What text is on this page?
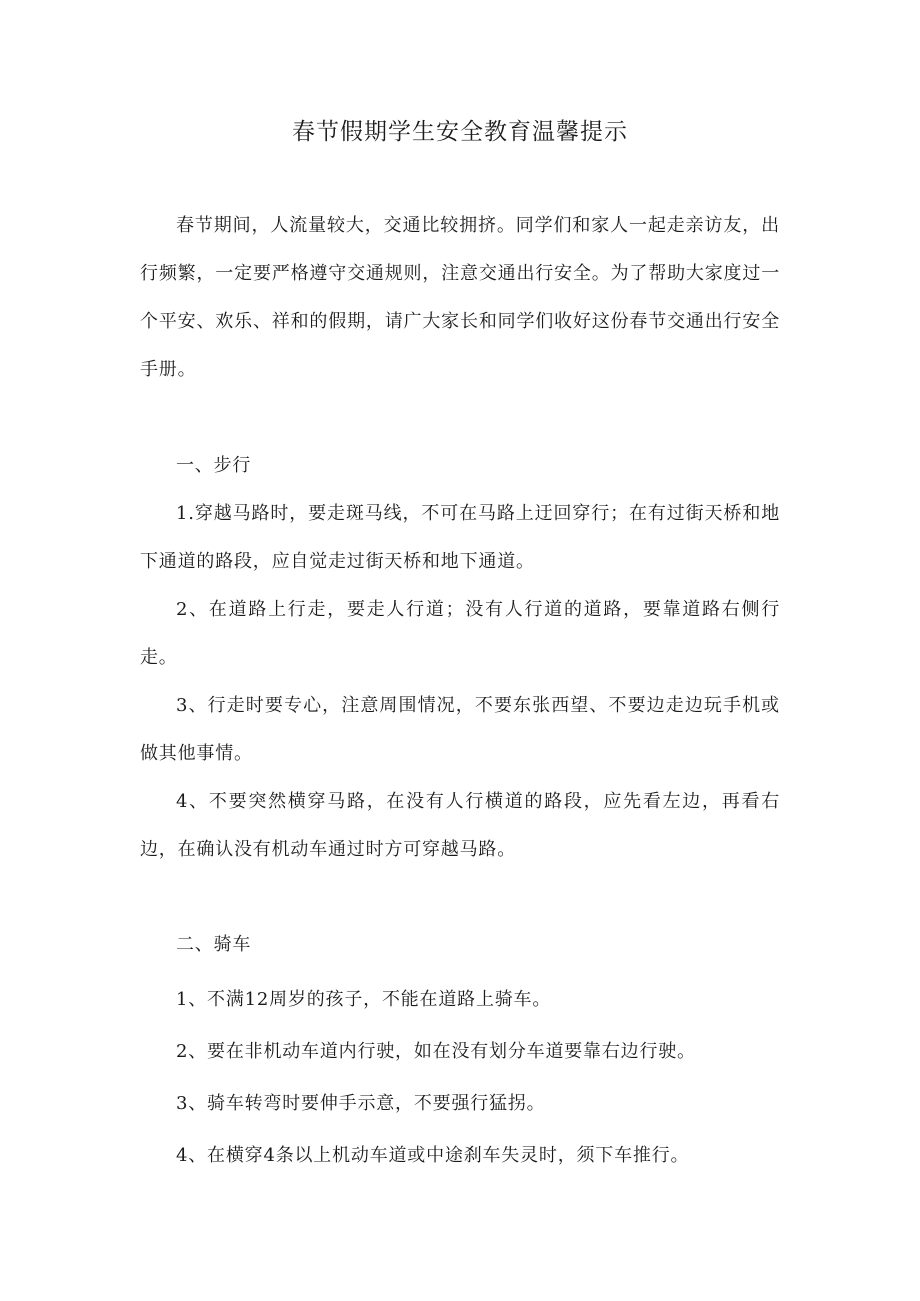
春节假期学生安全教育温馨提示

春节期间，人流量较大，交通比较拥挤。同学们和家人一起走亲访友，出行频繁，一定要严格遵守交通规则，注意交通出行安全。为了帮助大家度过一个平安、欢乐、祥和的假期，请广大家长和同学们收好这份春节交通出行安全手册。

一、步行

1.穿越马路时，要走斑马线，不可在马路上迂回穿行；在有过街天桥和地下通道的路段，应自觉走过街天桥和地下通道。

2、在道路上行走，要走人行道；没有人行道的道路，要靠道路右侧行走。

3、行走时要专心，注意周围情况，不要东张西望、不要边走边玩手机或做其他事情。

4、不要突然横穿马路，在没有人行横道的路段，应先看左边，再看右边，在确认没有机动车通过时方可穿越马路。

二、骑车

1、不满12周岁的孩子，不能在道路上骑车。

2、要在非机动车道内行驶，如在没有划分车道要靠右边行驶。

3、骑车转弯时要伸手示意，不要强行猛拐。

4、在横穿4条以上机动车道或中途刹车失灵时，须下车推行。
